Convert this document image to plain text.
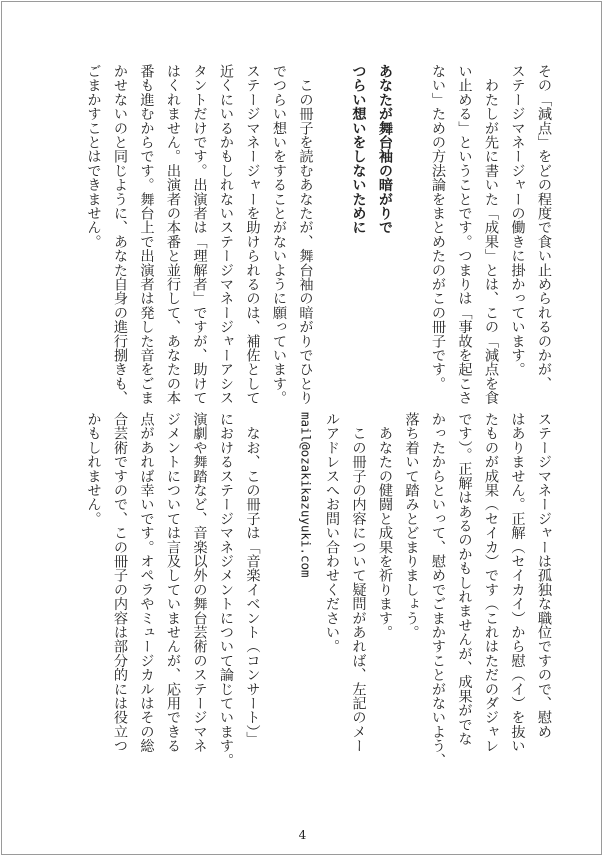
その「減点」をどの程度で食い止められるのかが、
ステージマネージャーの働きに掛かっています。
　わたしが先に書いた「成果」とは、この「減点を食
い止める」ということです。つまりは「事故を起こさ
ない」ための方法論をまとめたのがこの冊子です。
あなたが舞台袖の暗がりで
つらい想いをしないために
　この冊子を読むあなたが、舞台袖の暗がりでひとり
でつらい想いをすることがないように願っています。
ステージマネージャーを助けられるのは、補佐として
近くにいるかもしれないステージマネージャーアシス
タントだけです。出演者は「理解者」ですが、助けて
はくれません。出演者の本番と並行して、あなたの本
番も進むからです。舞台上で出演者は発した音をごま
かせないのと同じように、あなた自身の進行捌きも、
ごまかすことはできません。
ステージマネージャーは孤独な職位ですので、慰め
はありません。正解（セイカイ）から慰（イ）を抜い
たものが成果（セイカ）です（これはただのダジャレ
です）。正解はあるのかもしれませんが、成果がでな
かったからといって、慰めでごまかすことがないよう、
落ち着いて踏みとどまりましょう。
　あなたの健闘と成果を祈ります。
　この冊子の内容について疑問があれば、左記のメー
ルアドレスへお問い合わせください。
mail@ozakikazuyuki.com
　なお、この冊子は「音楽イベント（コンサート）」
におけるステージマネジメントについて論じています。
演劇や舞踏など、音楽以外の舞台芸術のステージマネ
ジメントについては言及していませんが、応用できる
点があれば幸いです。オペラやミュージカルはその総
合芸術ですので、この冊子の内容は部分的には役立つ
かもしれません。
4
